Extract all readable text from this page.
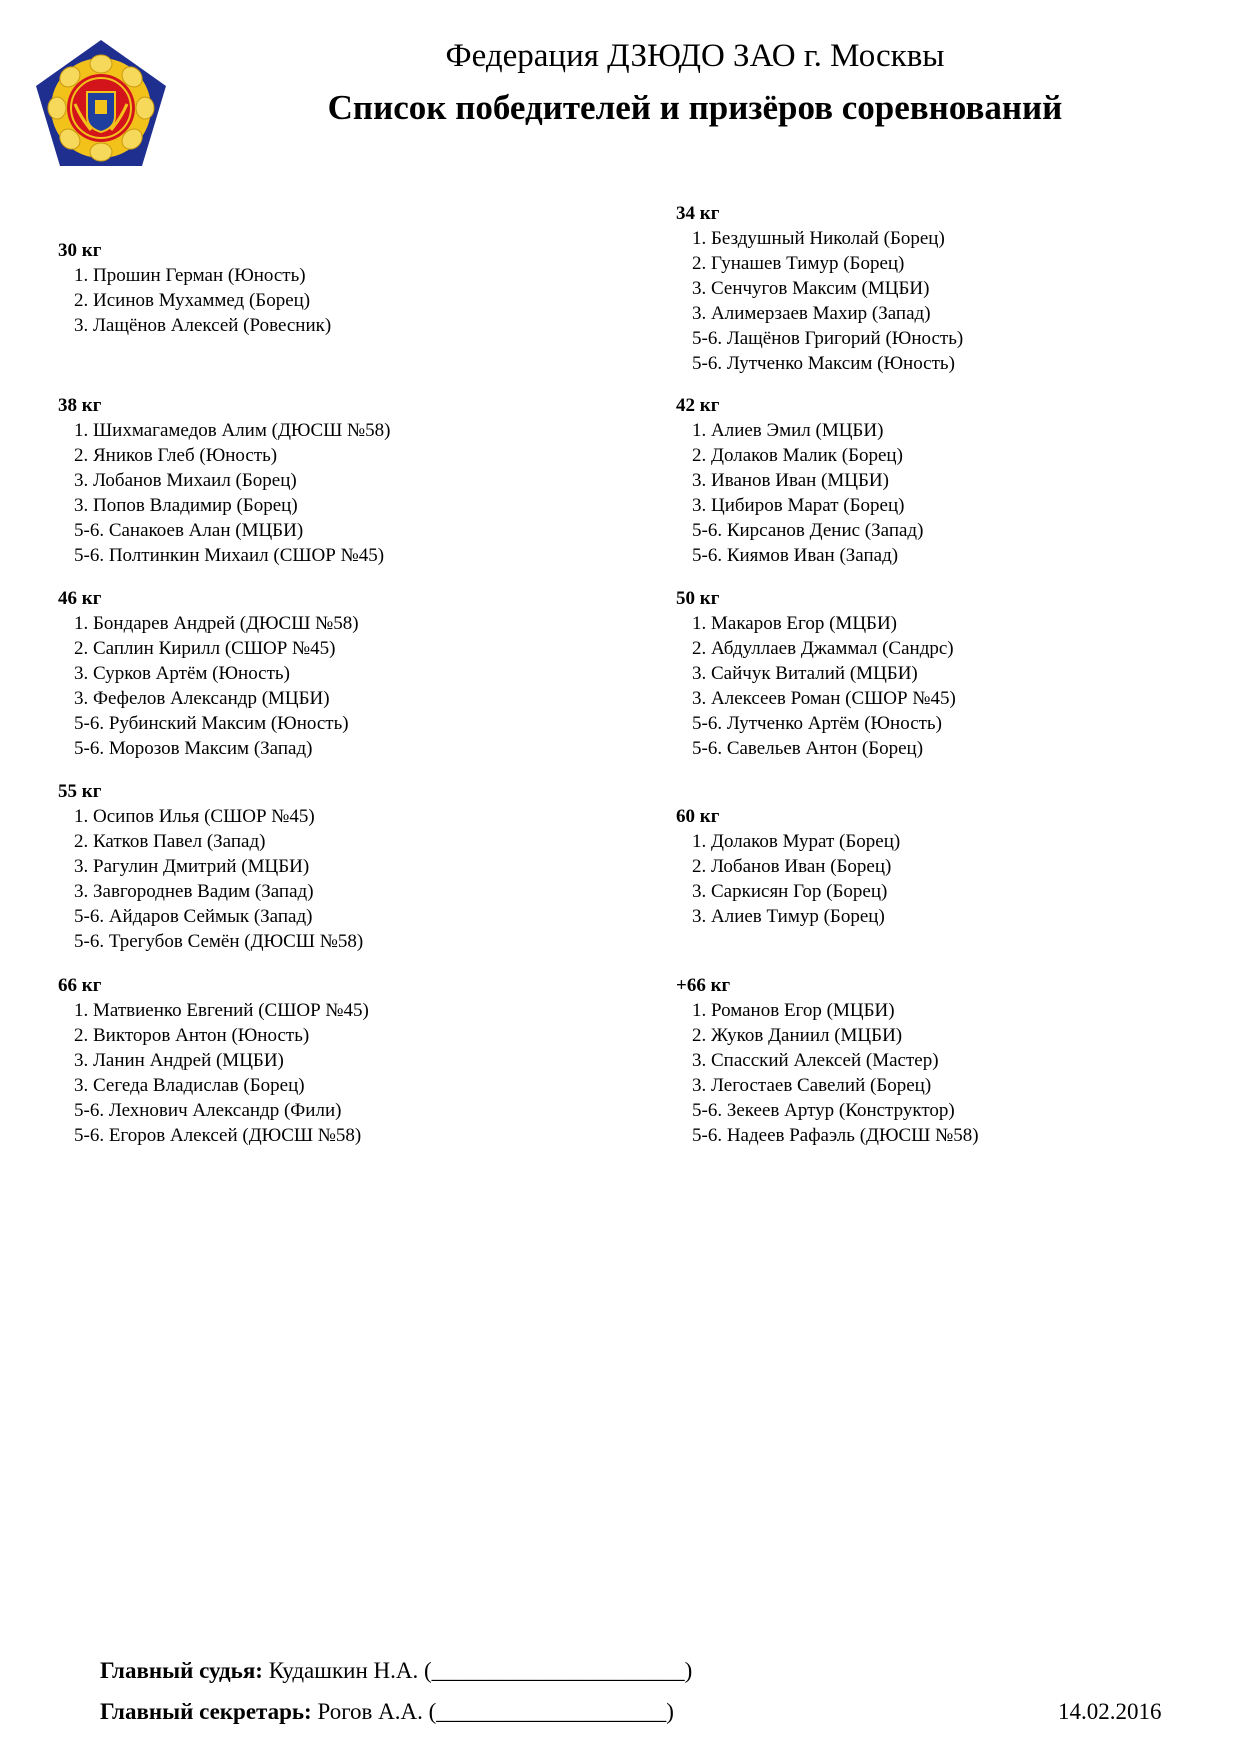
Федерация ДЗЮДО ЗАО г. Москвы
Список победителей и призёров соревнований
30 кг
1. Прошин Герман (Юность)
2. Исинов Мухаммед (Борец)
3. Лащёнов Алексей (Ровесник)
34 кг
1. Бездушный Николай (Борец)
2. Гунашев Тимур (Борец)
3. Сенчугов Максим (МЦБИ)
3. Алимерзаев Махир (Запад)
5-6. Лащёнов Григорий (Юность)
5-6. Лутченко Максим (Юность)
38 кг
1. Шихмагамедов Алим (ДЮСШ №58)
2. Яников Глеб (Юность)
3. Лобанов Михаил (Борец)
3. Попов Владимир (Борец)
5-6. Санакоев Алан (МЦБИ)
5-6. Полтинкин Михаил (СШОР №45)
42 кг
1. Алиев Эмил (МЦБИ)
2. Долаков Малик (Борец)
3. Иванов Иван (МЦБИ)
3. Цибиров Марат (Борец)
5-6. Кирсанов Денис (Запад)
5-6. Киямов Иван (Запад)
46 кг
1. Бондарев Андрей (ДЮСШ №58)
2. Саплин Кирилл (СШОР №45)
3. Сурков Артём (Юность)
3. Фефелов Александр (МЦБИ)
5-6. Рубинский Максим (Юность)
5-6. Морозов Максим (Запад)
50 кг
1. Макаров Егор (МЦБИ)
2. Абдуллаев Джаммал (Сандрс)
3. Сайчук Виталий (МЦБИ)
3. Алексеев Роман (СШОР №45)
5-6. Лутченко Артём (Юность)
5-6. Савельев Антон (Борец)
55 кг
1. Осипов Илья (СШОР №45)
2. Катков Павел (Запад)
3. Рагулин Дмитрий (МЦБИ)
3. Завгороднев Вадим (Запад)
5-6. Айдаров Сеймык (Запад)
5-6. Трегубов Семён (ДЮСШ №58)
60 кг
1. Долаков Мурат (Борец)
2. Лобанов Иван (Борец)
3. Саркисян Гор (Борец)
3. Алиев Тимур (Борец)
66 кг
1. Матвиенко Евгений (СШОР №45)
2. Викторов Антон (Юность)
3. Ланин Андрей (МЦБИ)
3. Сегеда Владислав (Борец)
5-6. Лехнович Александр (Фили)
5-6. Егоров Алексей (ДЮСШ №58)
+66 кг
1. Романов Егор (МЦБИ)
2. Жуков Даниил (МЦБИ)
3. Спасский Алексей (Мастер)
3. Легостаев Савелий (Борец)
5-6. Зекеев Артур (Конструктор)
5-6. Надеев Рафаэль (ДЮСШ №58)
Главный судья: Кудашкин Н.А. (______________________)
Главный секретарь: Рогов А.А. (____________________)	14.02.2016
